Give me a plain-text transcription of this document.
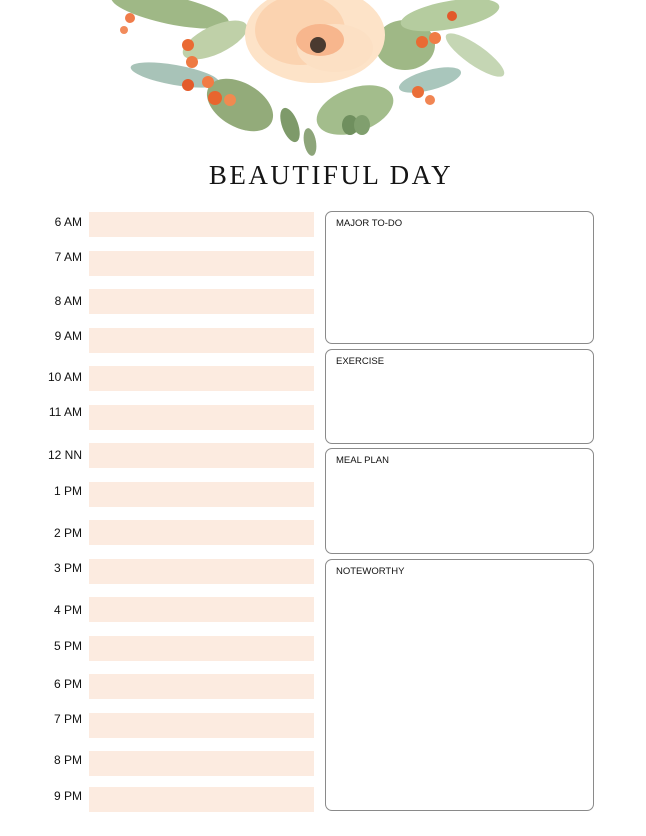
BEAUTIFUL DAY
6 AM
7 AM
8 AM
9 AM
10 AM
11 AM
12 NN
1 PM
2 PM
3 PM
4 PM
5 PM
6 PM
7 PM
8 PM
9 PM
MAJOR TO-DO
EXERCISE
MEAL PLAN
NOTEWORTHY
